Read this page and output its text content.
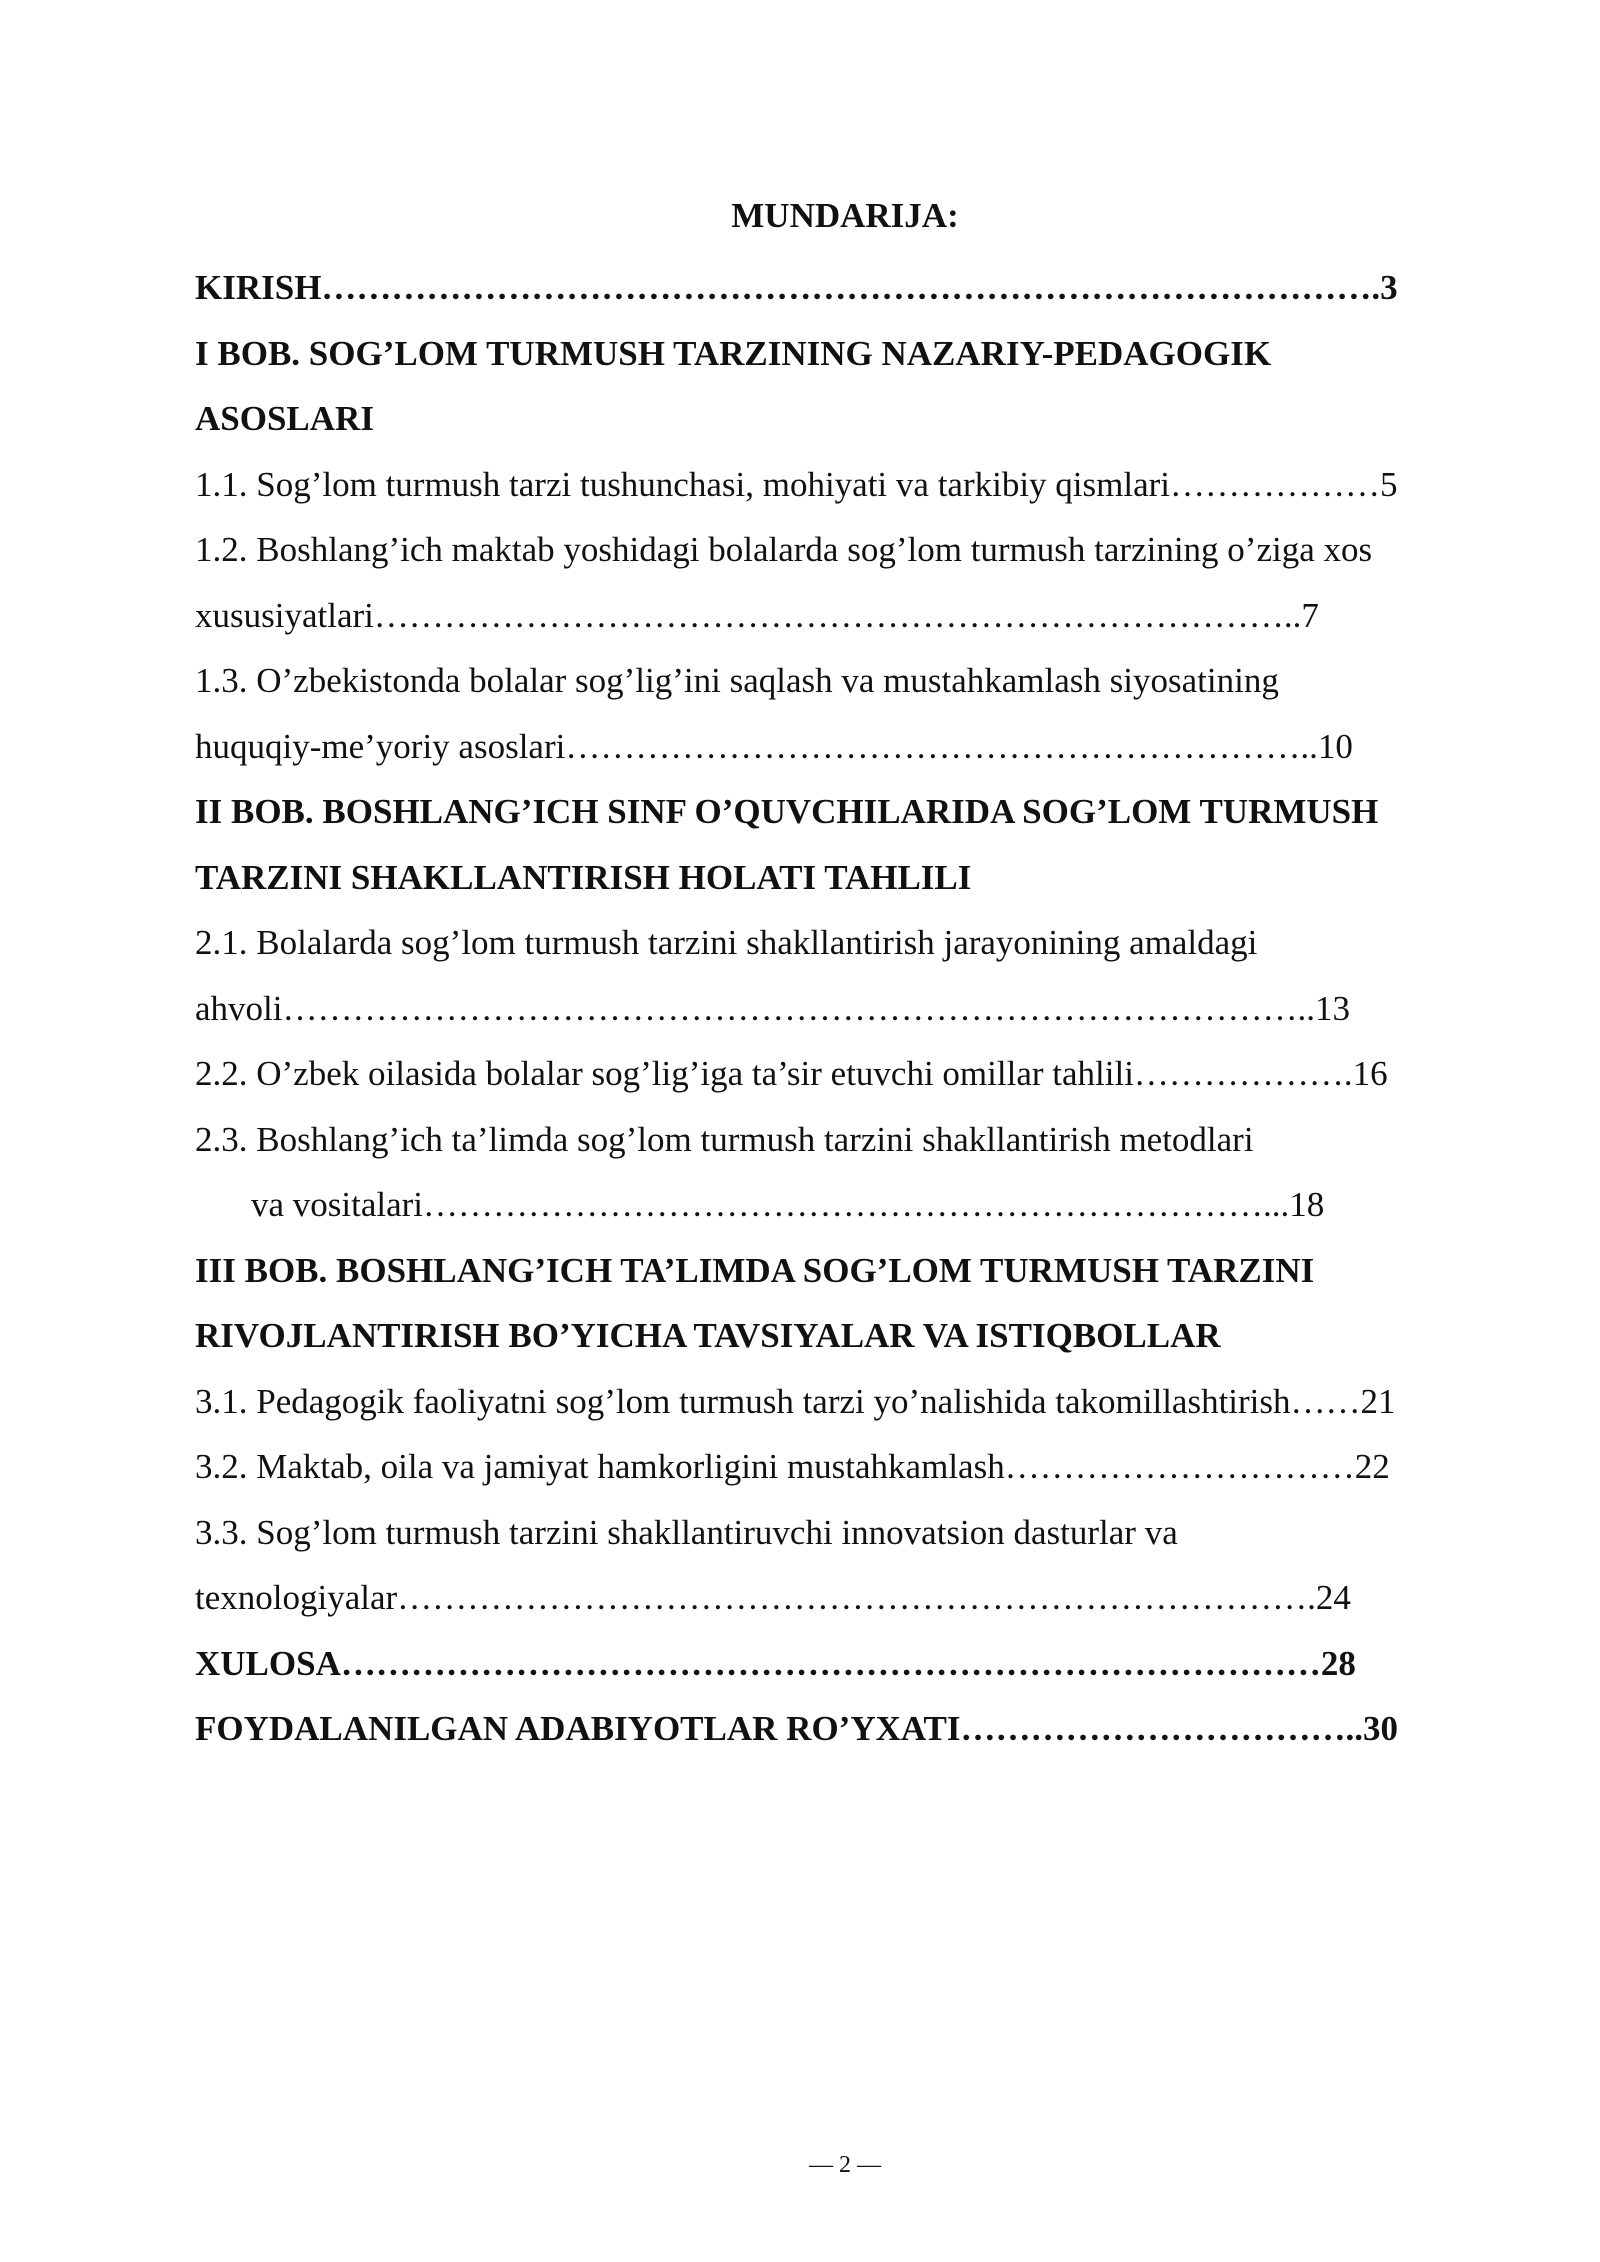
MUNDARIJA:
KIRISH……………………………………………………………………………….3
I BOB. SOG’LOM TURMUSH TARZINING NAZARIY-PEDAGOGIK
ASOSLARI
1.1. Sog’lom turmush tarzi tushunchasi, mohiyati va tarkibiy qismlari………………5
1.2. Boshlang’ich maktab yoshidagi bolalarda sog’lom turmush tarzining o’ziga xos
xususiyatlari……………………………………………………………………..7
1.3. O’zbekistonda bolalar sog’lig’ini saqlash va mustahkamlash siyosatining
huquqiy-me’yoriy asoslari………………………………………………………..10
II BOB. BOSHLANG’ICH SINF O’QUVCHILARIDA SOG’LOM TURMUSH
TARZINI SHAKLLANTIRISH HOLATI TAHLILI
2.1. Bolalarda sog’lom turmush tarzini shakllantirish jarayonining amaldagi
ahvoli……………………………………………………………………………..13
2.2. O’zbek oilasida bolalar sog’lig’iga ta’sir etuvchi omillar tahlili……………….16
2.3. Boshlang’ich ta’limda sog’lom turmush tarzini shakllantirish metodlari
va vositalari………………………………………………………………...18
III BOB. BOSHLANG’ICH TA’LIMDA SOG’LOM TURMUSH TARZINI
RIVOJLANTIRISH BO’YICHA TAVSIYALAR VA ISTIQBOLLAR
3.1. Pedagogik faoliyatni sog’lom turmush tarzi yo’nalishida takomillashtirish……21
3.2. Maktab, oila va jamiyat hamkorligini mustahkamlash…………………………22
3.3. Sog’lom turmush tarzini shakllantiruvchi innovatsion dasturlar va
texnologiyalar…………………………………………………………………….24
XULOSA…………………………………………………………………………28
FOYDALANILGAN ADABIYOTLAR RO’YXATI……………………………..30
— 2 —
